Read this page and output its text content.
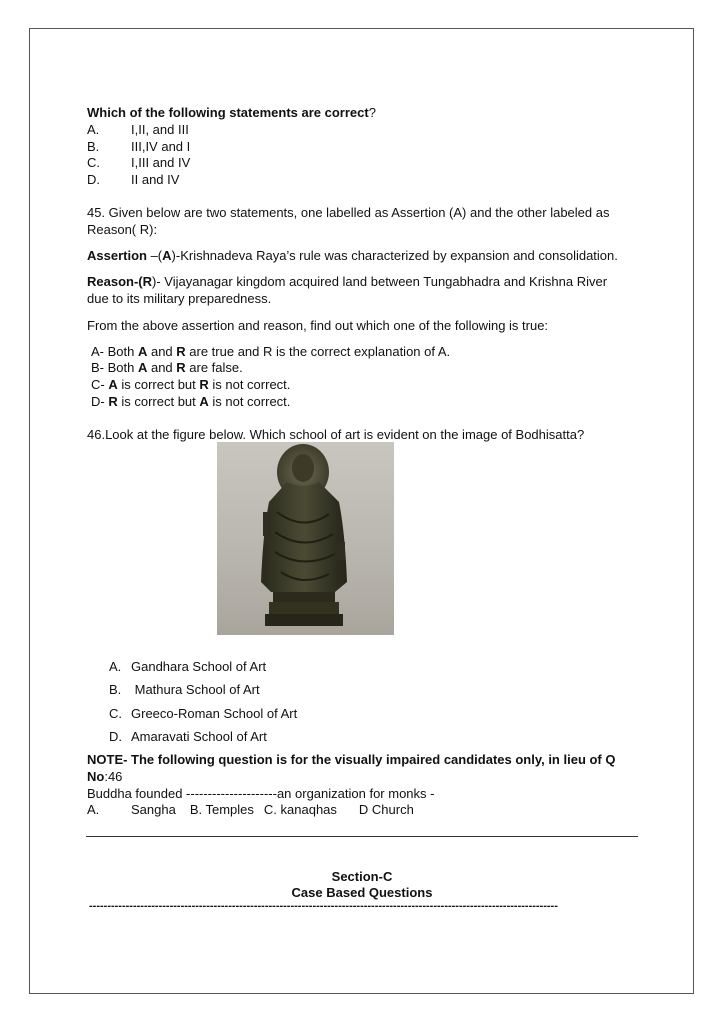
Which of the following statements are correct?
A. I,II, and III
B. III,IV and I
C. I,III and IV
D. II and IV
45. Given below are two statements, one labelled as Assertion (A) and the other labeled as
Reason( R):
Assertion –(A)-Krishnadeva Raya’s rule was characterized by expansion and consolidation.
Reason-(R)- Vijayanagar kingdom acquired land between Tungabhadra and Krishna River
due to its military preparedness.
From the above assertion and reason, find out which one of the following is true:
A- Both A and R are true and R is the correct explanation of A.
B- Both A and R are false.
C- A is correct but R is not correct.
D- R is correct but A is not correct.
46.Look at the figure below. Which school of art is evident on the image of Bodhisatta?
A. Gandhara School of Art
B. Mathura School of Art
C. Greeco-Roman School of Art
D. Amaravati School of Art
NOTE- The following question is for the visually impaired candidates only, in lieu of Q
No:46
Buddha founded ---------------------an organization for monks -
A. Sangha B. Temples C. kanaqhas D Church
Section-C
Case Based Questions
--------------------------------------------------------------------------------------------------------------------------------
